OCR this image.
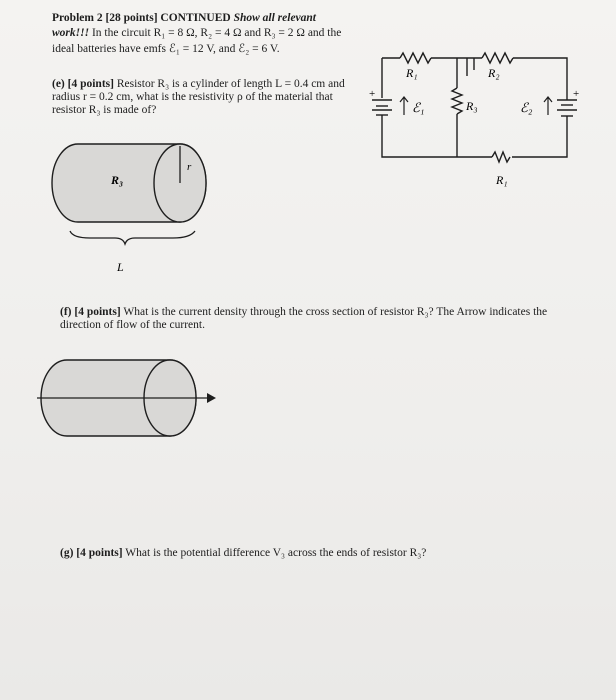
Problem 2 [28 points] CONTINUED Show all relevant
work!!! In the circuit R₁ = 8 Ω, R₂ = 4 Ω and R₃ = 2 Ω and the
ideal batteries have emfs ℰ₁ = 12 V, and ℰ₂ = 6 V.
(e) [4 points] Resistor R₃ is a cylinder of length L = 0.4 cm and
radius r = 0.2 cm, what is the resistivity ρ of the material that
resistor R₃ is made of?
+	+
ℰ₁	ℰ₂
R₁	R₂
R₃
R₁
r
R₃
L
(f) [4 points] What is the current density through the cross section of resistor R₃? The Arrow indicates the
direction of flow of the current.
(g) [4 points] What is the potential difference V₃ across the ends of resistor R₃?
